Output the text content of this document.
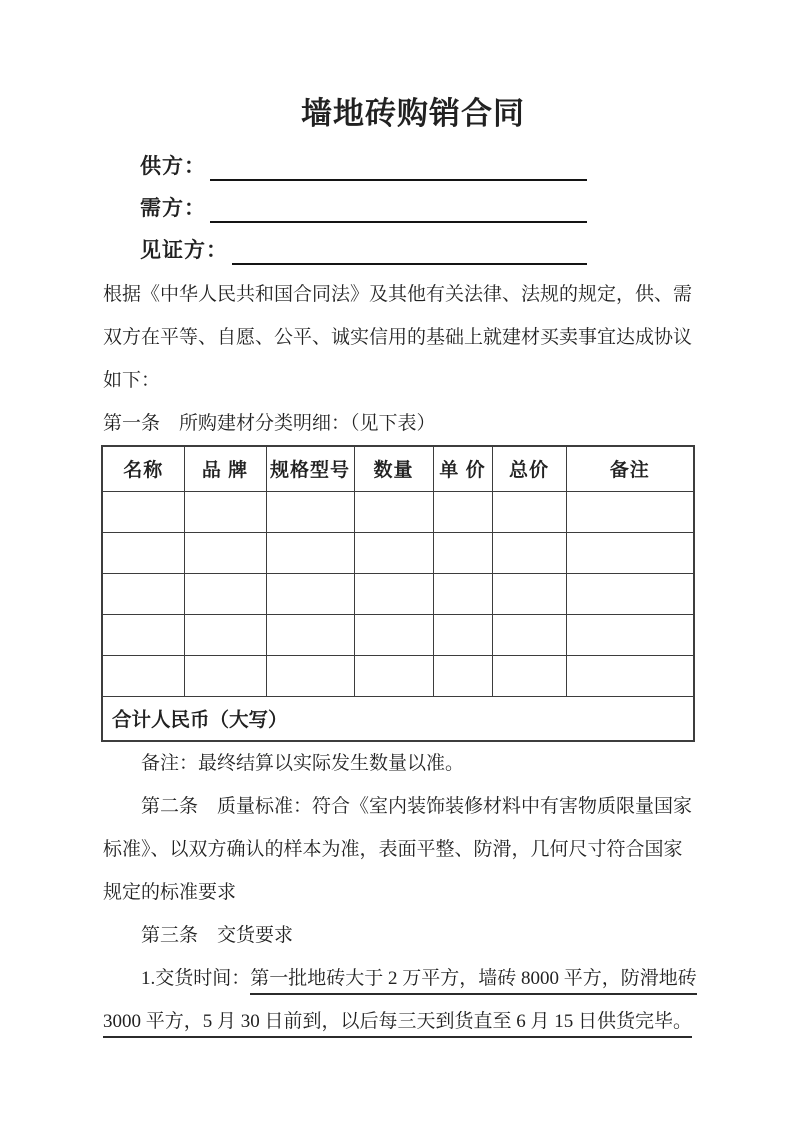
墙地砖购销合同
供方：
需方：
见证方：

根据《中华人民共和国合同法》及其他有关法律、法规的规定，供、需

双方在平等、自愿、公平、诚实信用的基础上就建材买卖事宜达成协议

如下：

第一条　所购建材分类明细：（见下表）

名称	品 牌	规格型号	数量	单 价	总价	备注

合计人民币（大写）						

备注：最终结算以实际发生数量以准。

第二条　质量标准：符合《室内装饰装修材料中有害物质限量国家

标准》、以双方确认的样本为准，表面平整、防滑，几何尺寸符合国家

规定的标准要求

第三条　交货要求

1.交货时间：第一批地砖大于 2 万平方，墙砖 8000 平方，防滑地砖

3000 平方，5 月 30 日前到，以后每三天到货直至 6 月 15 日供货完毕。
